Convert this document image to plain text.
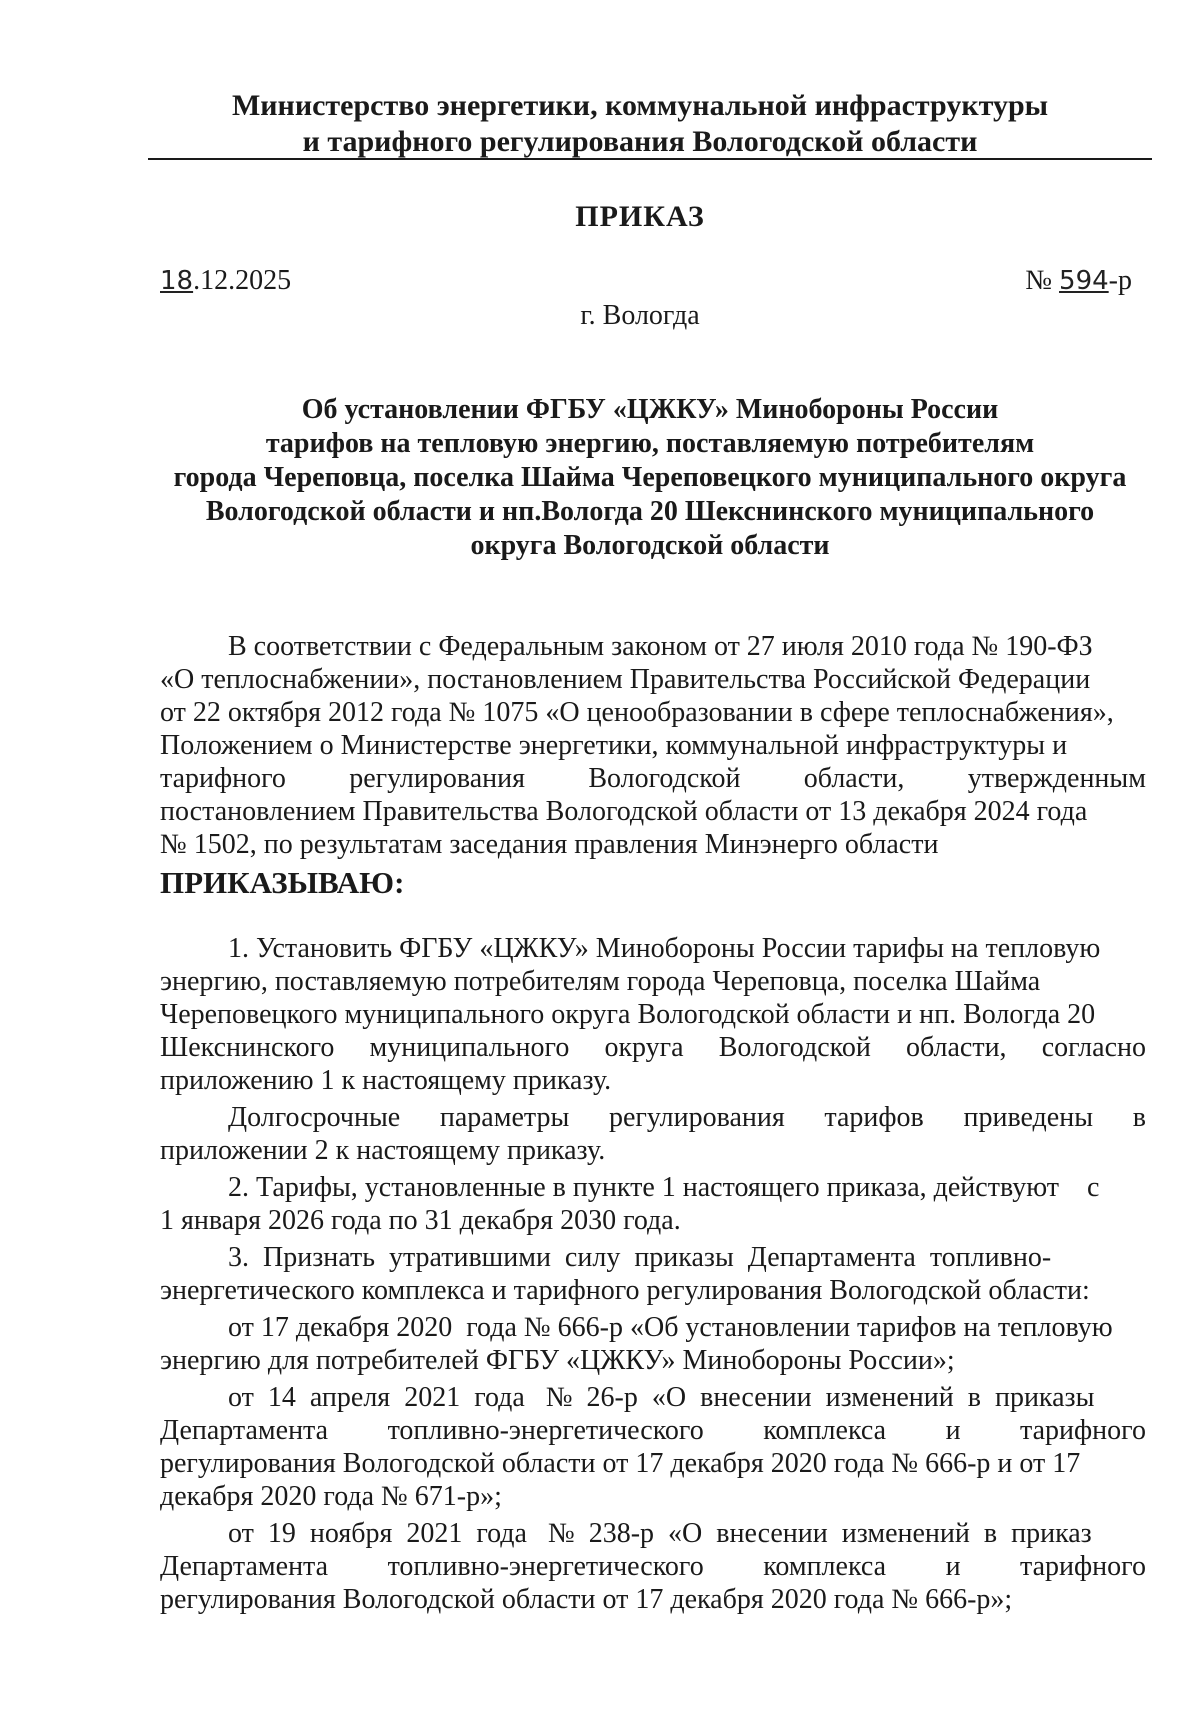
Министерство энергетики, коммунальной инфраструктуры
и тарифного регулирования Вологодской области
ПРИКАЗ
18.12.2025	№ 594-р
г. Вологда
Об установлении ФГБУ «ЦЖКУ» Минобороны России
тарифов на тепловую энергию, поставляемую потребителям
города Череповца, поселка Шайма Череповецкого муниципального округа
Вологодской области и нп.Вологда 20 Шекснинского муниципального
округа Вологодской области
В соответствии с Федеральным законом от 27 июля 2010 года № 190-ФЗ
«О теплоснабжении», постановлением Правительства Российской Федерации
от 22 октября 2012 года № 1075 «О ценообразовании в сфере теплоснабжения»,
Положением о Министерстве энергетики, коммунальной инфраструктуры и
тарифного регулирования Вологодской области, утвержденным
постановлением Правительства Вологодской области от 13 декабря 2024 года
№ 1502, по результатам заседания правления Минэнерго области
ПРИКАЗЫВАЮ:
1. Установить ФГБУ «ЦЖКУ» Минобороны России тарифы на тепловую
энергию, поставляемую потребителям города Череповца, поселка Шайма
Череповецкого муниципального округа Вологодской области и нп. Вологда 20
Шекснинского муниципального округа Вологодской области, согласно
приложению 1 к настоящему приказу.
Долгосрочные параметры регулирования тарифов приведены в
приложении 2 к настоящему приказу.
2. Тарифы, установленные в пункте 1 настоящего приказа, действуют    с
1 января 2026 года по 31 декабря 2030 года.
3.  Признать  утратившими  силу  приказы  Департамента  топливно-
энергетического комплекса и тарифного регулирования Вологодской области:
от 17 декабря 2020  года № 666-р «Об установлении тарифов на тепловую
энергию для потребителей ФГБУ «ЦЖКУ» Минобороны России»;
от  14  апреля  2021  года   №  26-р  «О  внесении  изменений  в  приказы
Департамента топливно-энергетического комплекса и тарифного
регулирования Вологодской области от 17 декабря 2020 года № 666-р и от 17
декабря 2020 года № 671-р»;
от  19  ноября  2021  года   №  238-р  «О  внесении  изменений  в  приказ
Департамента топливно-энергетического комплекса и тарифного
регулирования Вологодской области от 17 декабря 2020 года № 666-р»;
